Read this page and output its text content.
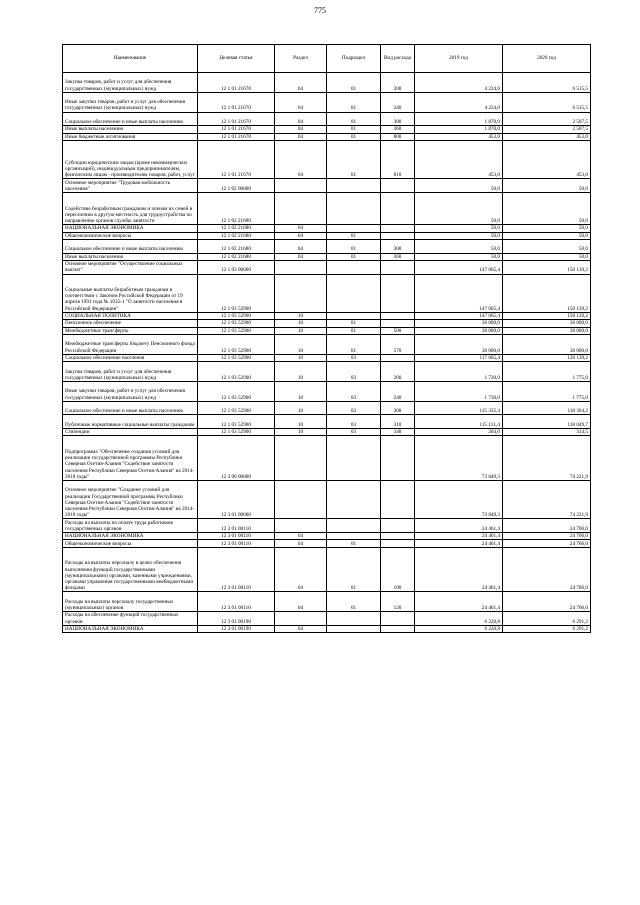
775
Наименование	Целевая статья	Раздел	Подраздел	Вид расхода	2019 год	2020 год
Закупка товаров, работ и услуг для обеспечения государственных (муниципальных) нужд	12 1 01 21670	04	01	200	4 224,0	6 515,5
Иные закупки товаров, работ и услуг для обеспечения государственных (муниципальных) нужд	12 1 01 21670	04	01	240	4 224,0	6 515,5
Социальное обеспечение и иные выплаты населению	12 1 01 21670	04	01	300	1 870,0	2 507,5
Иные выплаты населению	12 1 01 21670	04	01	360	1 870,0	2 507,5
Иные бюджетные ассигнования	12 1 01 21670	04	01	800	453,0	453,0
Субсидии юридическим лицам (кроме некоммерческих организаций), индивидуальным предпринимателям, физическим лицам - производителям товаров, работ, услуг	12 1 01 21670	04	01	810	453,0	453,0
Основное мероприятие "Трудовая мобильность населения"	12 1 02 00000				50,0	50,0
Содействие безработным гражданам и членам их семей в переселении в другую местность для трудоустройства по направлению органов службы занятости	12 1 02 21680				50,0	50,0
НАЦИОНАЛЬНАЯ ЭКОНОМИКА	12 1 02 21680	04			50,0	50,0
Общеэкономические вопросы	12 1 02 21680	04	01		50,0	50,0
Социальное обеспечение и иные выплаты населению	12 1 02 21680	04	01	300	50,0	50,0
Иные выплаты населению	12 1 02 21680	04	01	360	50,0	50,0
Основное мероприятие "Осуществление социальных выплат"	12 1 03 00000				147 065,4	150 139,2
Социальные выплаты безработным гражданам в соответствии с Законом Российской Федерации от 19 апреля 1991 года № 1032-1 "О занятости населения в Российской Федерации"	12 1 03 52900				147 065,4	150 139,2
СОЦИАЛЬНАЯ ПОЛИТИКА	12 1 03 52900	10			147 065,4	150 139,2
Пенсионное обеспечение	12 1 03 52900	10	01		30 000,0	30 000,0
Межбюджетные трансферты	12 1 03 52900	10	01	500	30 000,0	30 000,0
Межбюджетные трансферты бюджету Пенсионного фонда Российской Федерации	12 1 03 52900	10	01	570	30 000,0	30 000,0
Социальное обеспечение населения	12 1 03 52900	10	03		117 065,4	120 139,2
Закупка товаров, работ и услуг для обеспечения государственных (муниципальных) нужд	12 1 03 52900	10	03	200	1 730,0	1 775,0
Иные закупки товаров, работ и услуг для обеспечения государственных (муниципальных) нужд	12 1 03 52900	10	03	240	1 730,0	1 775,0
Социальное обеспечение и иные выплаты населению	12 1 03 52900	10	03	300	115 335,4	118 364,2
Публичные нормативные социальные выплаты гражданам	12 1 03 52900	10	03	310	115 131,4	118 049,7
Стипендии	12 1 03 52900	10	03	340	204,0	314,5
Подпрограмма "Обеспечение создания условий для реализации государственной программы Республики Северная Осетия-Алания "Содействие занятости населения Республики Северная Осетия-Алания" на 2014-2018 годы"	12 3 00 00000				73 849,3	74 221,9
Основное мероприятие "Создание условий для реализации Государственной программы Республики Северная Осетия-Алания "Содействие занятости населения Республики Северная Осетия-Алания" на 2014-2018 годы"	12 3 01 00000				73 849,3	74 221,9
Расходы на выплаты по оплате труда работников государственных органов	12 3 01 00110				24 461,4	24 706,0
НАЦИОНАЛЬНАЯ ЭКОНОМИКА	12 3 01 00110	04			24 461,4	24 706,0
Общеэкономические вопросы	12 3 01 00110	04	01		24 461,4	24 706,0
Расходы на выплаты персоналу в целях обеспечения выполнения функций государственными (муниципальными) органами, казенными учреждениями, органами управления государственными внебюджетными фондами	12 3 01 00110	04	01	100	24 461,4	24 706,0
Расходы на выплаты персоналу государственных (муниципальных) органов	12 3 01 00110	04	01	120	24 461,4	24 706,0
Расходы на обеспечение функций государственных органов	12 3 01 00190				6 220,8	6 291,2
НАЦИОНАЛЬНАЯ ЭКОНОМИКА	12 3 01 00190	04			6 220,8	6 291,2
